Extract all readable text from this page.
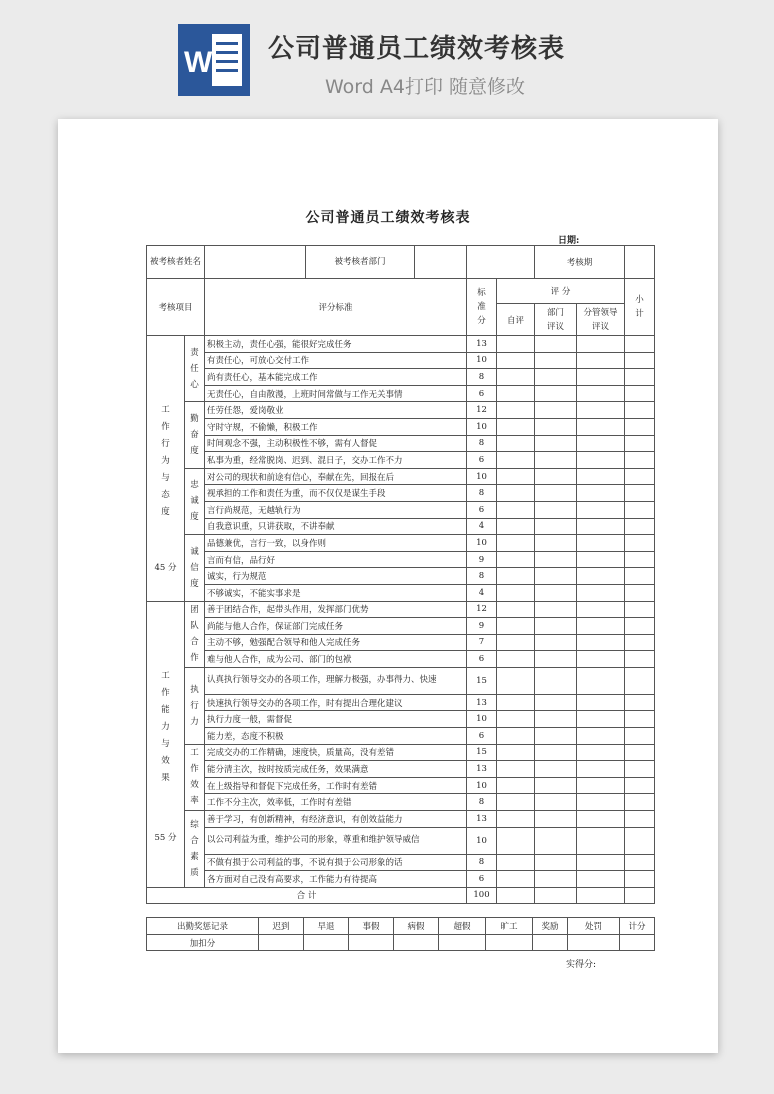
W 公司普通员工绩效考核表
Word A4打印 随意修改
公司普通员工绩效考核表
日期:
被考核者姓名		被考核者部门			考核期		
考核项目		评分标准	标准分	评 分			小计
				自评	部门评议	分管领导评议	

工作行为与态度
45 分	责任心	积极主动，责任心强，能很好完成任务	13				
		有责任心，可放心交付工作	10				
		尚有责任心，基本能完成工作	8				
		无责任心，自由散漫，上班时间常做与工作无关事情	6				

	勤奋度	任劳任怨，爱岗敬业	12				
		守时守规，不偷懒，积极工作	10				
		时间观念不强，主动积极性不够，需有人督促	8				
		私事为重，经常脱岗、迟到、混日子，交办工作不力	6				

	忠诚度	对公司的现状和前途有信心，奉献在先，回报在后	10				
		视承担的工作和责任为重，而不仅仅是谋生手段	8				
		言行尚规范，无越轨行为	6				
		自我意识重，只讲获取，不讲奉献	4				

	诚信度	品德兼优，言行一致，以身作则	10				
		言而有信，品行好	9				
		诚实，行为规范	8				
		不够诚实，不能实事求是	4				

工作能力与效果
55 分	团队合作	善于团结合作，起带头作用，发挥部门优势	12				
		尚能与他人合作，保证部门完成任务	9				
		主动不够，勉强配合领导和他人完成任务	7				
		难与他人合作，成为公司、部门的包袱	6				

	执行力	认真执行领导交办的各项工作，理解力极强，办事得力、快速	15				
		快速执行领导交办的各项工作，时有提出合理化建议	13				
		执行力度一般，需督促	10				
		能力差，态度不积极	6				

	工作效率	完成交办的工作精确，速度快，质量高，没有差错	15				
		能分清主次，按时按质完成任务，效果满意	13				
		在上级指导和督促下完成任务，工作时有差错	10				
		工作不分主次，效率低，工作时有差错	8				

	综合素质	善于学习，有创新精神，有经济意识，有创效益能力	13				
		以公司利益为重，维护公司的形象，尊重和维护领导威信	10				
		不做有损于公司利益的事，不说有损于公司形象的话	8				
		各方面对自己没有高要求，工作能力有待提高	6				
合 计			100				
出勤奖惩记录	迟到	早退	事假	病假	超假	旷工	奖励	处罚	计分
加扣分									
实得分:
